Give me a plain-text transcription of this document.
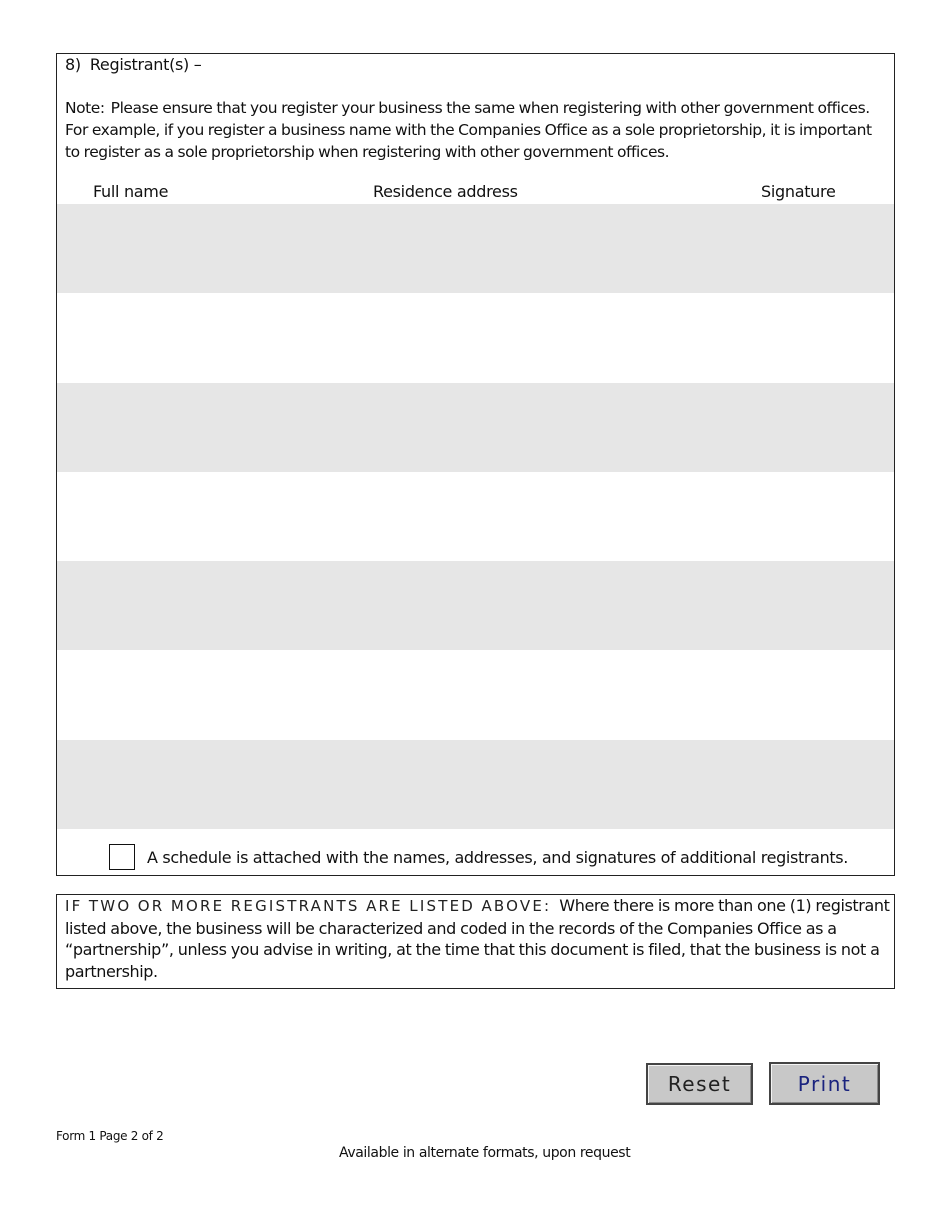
8) Registrant(s) –
Note: Please ensure that you register your business the same when registering with other government offices. For example, if you register a business name with the Companies Office as a sole proprietorship, it is important to register as a sole proprietorship when registering with other government offices.
Full name	Residence address	Signature
A schedule is attached with the names, addresses, and signatures of additional registrants.
IF TWO OR MORE REGISTRANTS ARE LISTED ABOVE: Where there is more than one (1) registrant listed above, the business will be characterized and coded in the records of the Companies Office as a “partnership”, unless you advise in writing, at the time that this document is filed, that the business is not a partnership.
Reset	Print
Form 1 Page 2 of 2
Available in alternate formats, upon request
